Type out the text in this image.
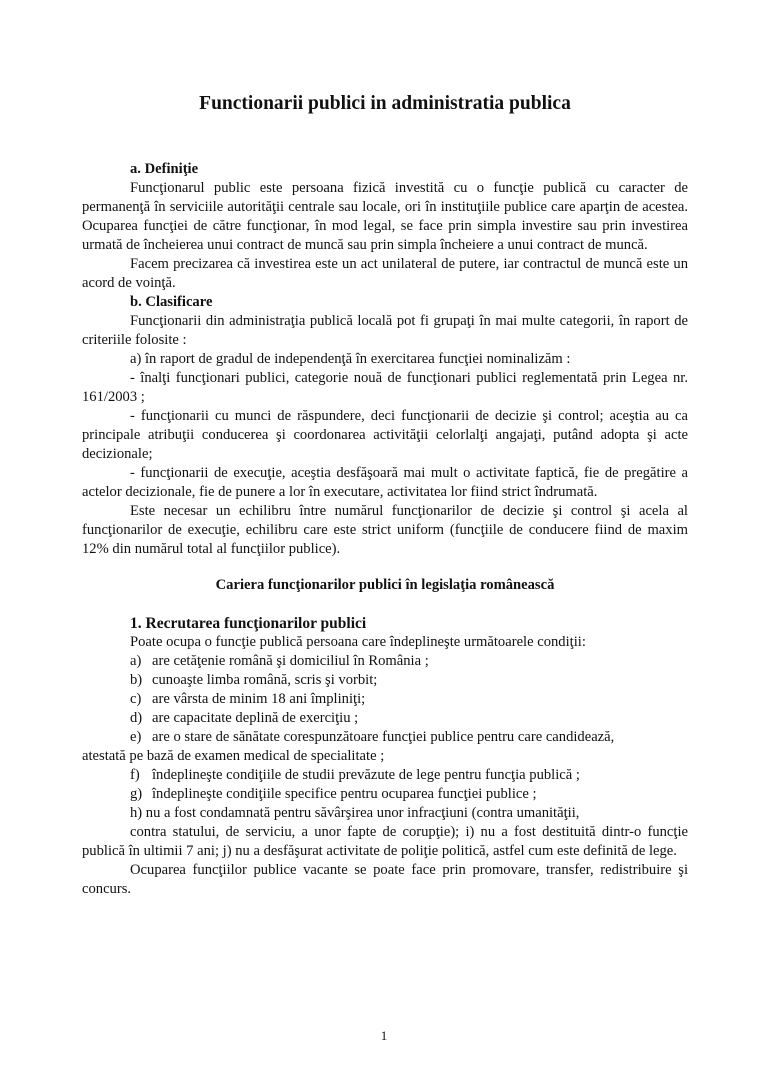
Functionarii publici in administratia publica

a. Definiţie

Funcţionarul public este persoana fizică investită cu o funcţie publică cu caracter de permanenţă în serviciile autorităţii centrale sau locale, ori în instituţiile publice care aparţin de acestea. Ocuparea funcţiei de către funcţionar, în mod legal, se face prin simpla investire sau prin investirea urmată de încheierea unui contract de muncă sau prin simpla încheiere a unui contract de muncă.

Facem precizarea că investirea este un act unilateral de putere, iar contractul de muncă este un acord de voinţă.

b. Clasificare

Funcţionarii din administraţia publică locală pot fi grupaţi în mai multe categorii, în raport de criteriile folosite :

a) în raport de gradul de independenţă în exercitarea funcţiei nominalizăm :

- înalţi funcţionari publici, categorie nouă de funcţionari publici reglementată prin Legea nr. 161/2003 ;

- funcţionarii cu munci de răspundere, deci funcţionarii de decizie şi control; aceştia au ca principale atribuţii conducerea şi coordonarea activităţii celorlalţi angajaţi, putând adopta şi acte decizionale;

- funcţionarii de execuţie, aceştia desfăşoară mai mult o activitate faptică, fie de pregătire a actelor decizionale, fie de punere a lor în executare, activitatea lor fiind strict îndrumată.

Este necesar un echilibru între numărul funcţionarilor de decizie şi control şi acela al funcţionarilor de execuţie, echilibru care este strict uniform (funcţiile de conducere fiind de maxim 12% din numărul total al funcţiilor publice).

Cariera funcţionarilor publici în legislaţia românească

1. Recrutarea funcţionarilor publici

Poate ocupa o funcţie publică persoana care îndeplineşte următoarele condiţii:

a) are cetăţenie română şi domiciliul în România ;
b) cunoaşte limba română, scris şi vorbit;
c) are vârsta de minim 18 ani împliniţi;
d) are capacitate deplină de exerciţiu ;
e) are o stare de sănătate corespunzătoare funcţiei publice pentru care candidează,

atestată pe bază de examen medical de specialitate ;

f) îndeplineşte condiţiile de studii prevăzute de lege pentru funcţia publică ;
g) îndeplineşte condiţiile specifice pentru ocuparea funcţiei publice ;

h) nu a fost condamnată pentru săvârşirea unor infracţiuni (contra umanităţii,

contra statului, de serviciu, a unor fapte de corupţie); i) nu a fost destituită dintr-o funcţie publică în ultimii 7 ani; j) nu a desfăşurat activitate de poliţie politică, astfel cum este definită de lege.

Ocuparea funcţiilor publice vacante se poate face prin promovare, transfer, redistribuire şi concurs.

1
